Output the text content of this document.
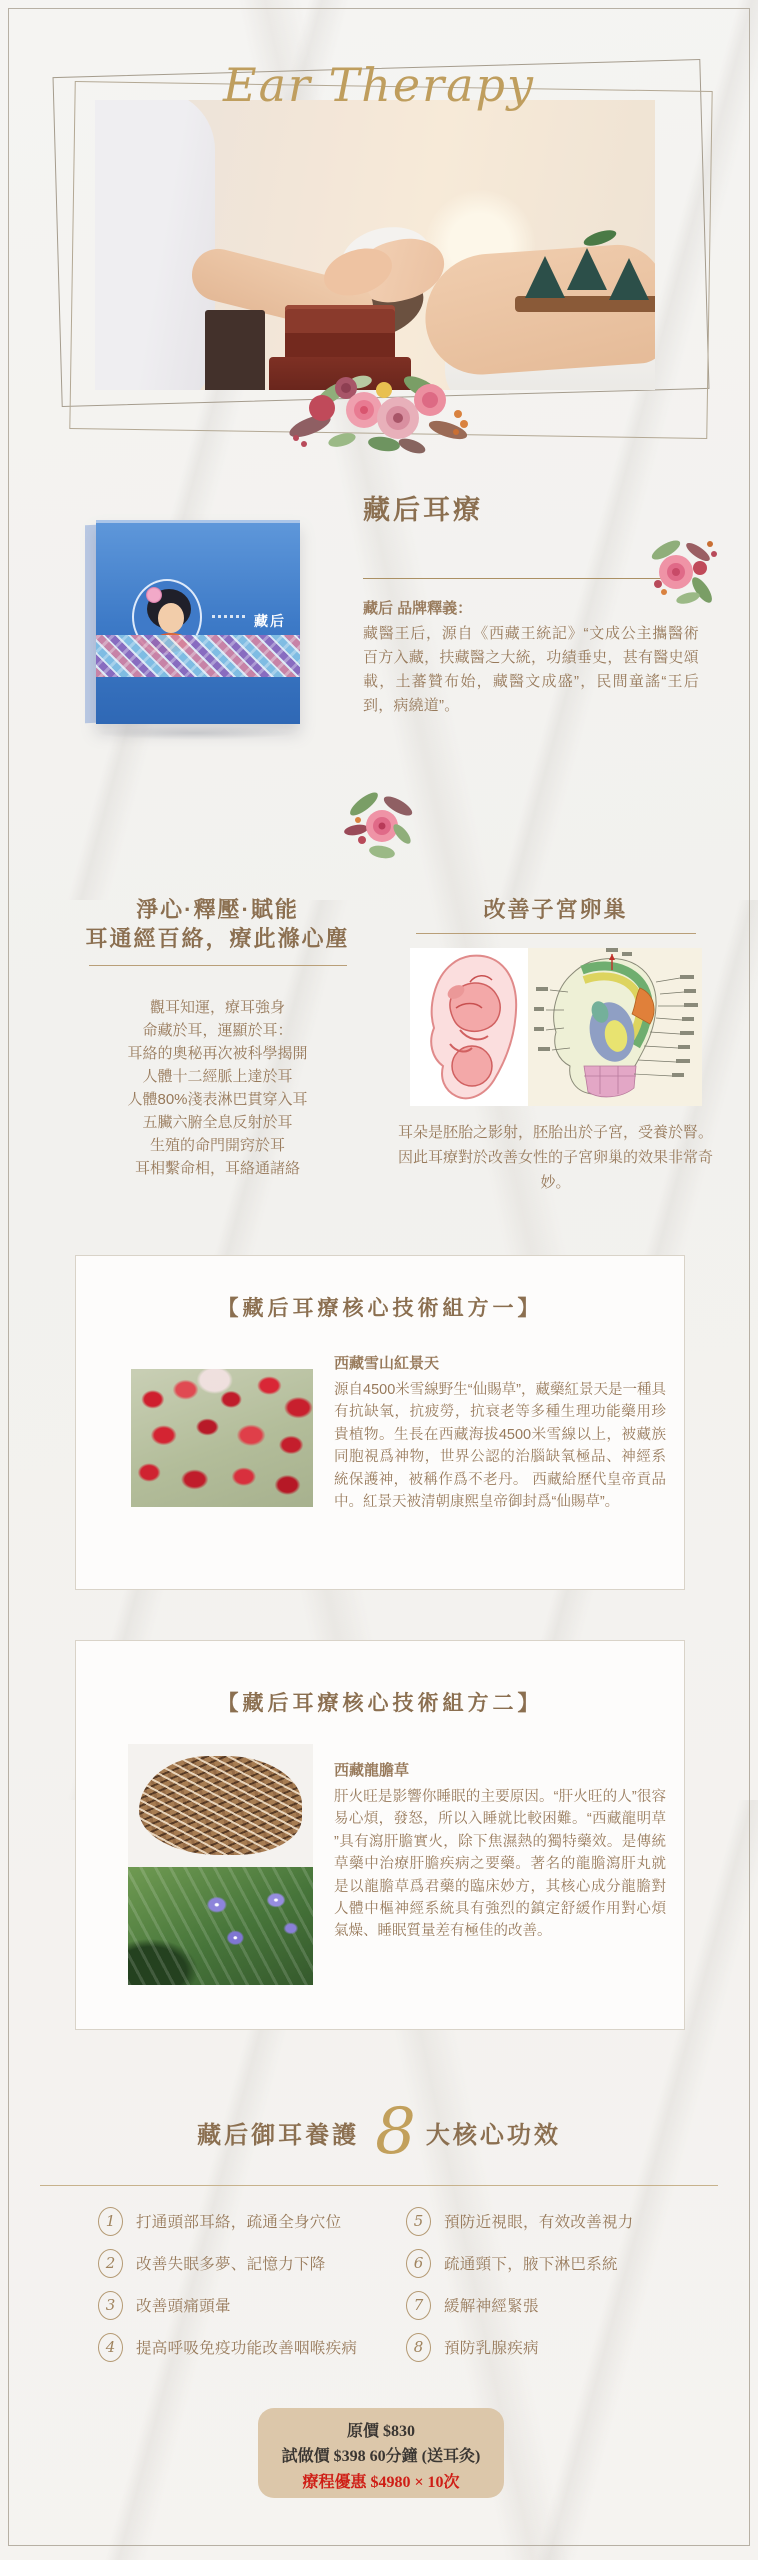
Ear Therapy
藏后
藏后耳療
藏后 品牌釋義：
藏醫王后，源自《西藏王統記》“文成公主攜醫術百方入藏，扶藏醫之大統，功績垂史，甚有醫史頌載，土蕃贊布始，藏醫文成盛”，民間童謠“王后到，病繞道”。
淨心·釋壓·賦能
耳通經百絡，療此滌心塵
觀耳知運，療耳強身
命藏於耳，運顯於耳：
耳絡的奧秘再次被科學揭開
人體十二經脈上達於耳
人體80%淺表淋巴貫穿入耳
五臟六腑全息反射於耳
生殖的命門開窍於耳
耳相繫命相，耳絡通諸絡
改善子宮卵巢
耳朵是胚胎之影射，胚胎出於子宮，受養於腎。因此耳療對於改善女性的子宮卵巢的效果非常奇妙。
【藏后耳療核心技術組方一】
西藏雪山紅景天
源自4500米雪線野生“仙賜草”，藏藥紅景天是一種具有抗缺氧，抗疲勞，抗衰老等多種生理功能藥用珍貴植物。生長在西藏海拔4500米雪線以上，被藏族同胞視爲神物，世界公認的治腦缺氧極品、神經系統保護神，被稱作爲不老丹。 西藏給歷代皇帝貢品中。紅景天被清朝康熙皇帝御封爲“仙賜草”。
【藏后耳療核心技術組方二】
西藏龍膽草
肝火旺是影響你睡眠的主要原因。“肝火旺的人”很容易心煩，發怒，所以入睡就比較困難。“西藏龍明草 ”具有瀉肝膽實火，除下焦濕熱的獨特藥效。是傳統草藥中治療肝膽疾病之要藥。著名的龍膽瀉肝丸就是以龍膽草爲君藥的臨床妙方，其核心成分龍膽對人體中樞神經系統具有強烈的鎮定舒緩作用對心煩氣燥、睡眠質量差有極佳的改善。
藏后御耳養護 8 大核心功效
1	打通頭部耳絡，疏通全身穴位
2	改善失眠多夢、記憶力下降
3	改善頭痛頭暈
4	提高呼吸免疫功能改善咽喉疾病
5	預防近視眼，有效改善視力
6	疏通頸下，腋下淋巴系統
7	緩解神經緊張
8	預防乳腺疾病
原價 $830
試做價 $398 60分鐘 (送耳灸)
療程優惠 $4980 × 10次
